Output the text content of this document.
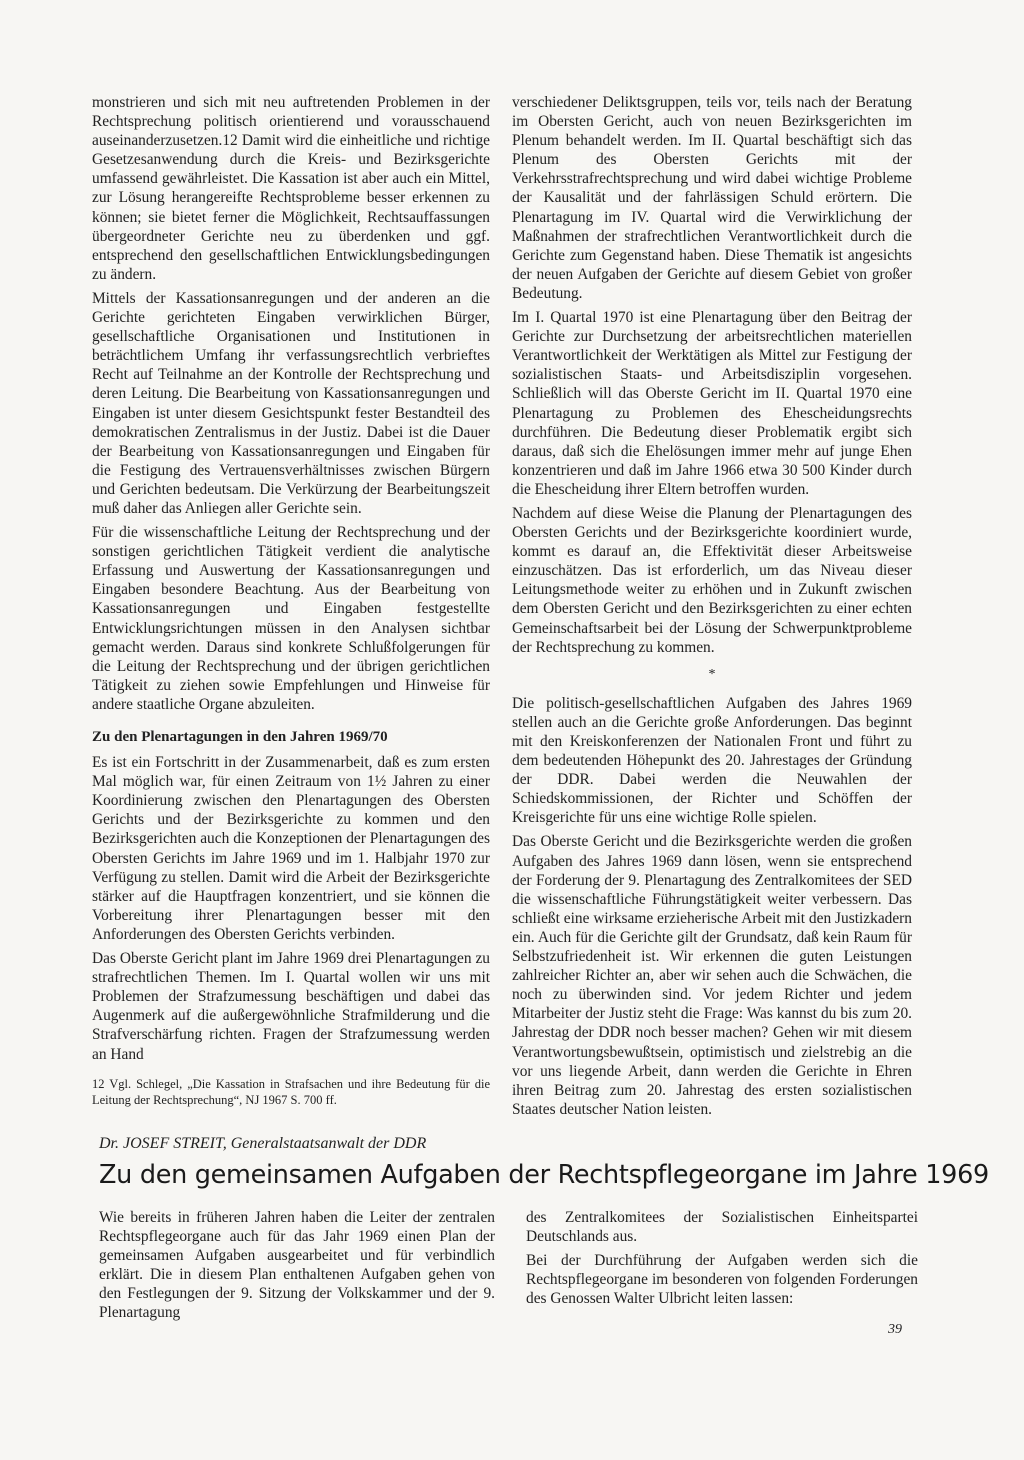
monstrieren und sich mit neu auftretenden Problemen in der Rechtsprechung politisch orientierend und vorausschauend auseinanderzusetzen.12 Damit wird die einheitliche und richtige Gesetzesanwendung durch die Kreis- und Bezirksgerichte umfassend gewährleistet. Die Kassation ist aber auch ein Mittel, zur Lösung herangereifte Rechtsprobleme besser erkennen zu können; sie bietet ferner die Möglichkeit, Rechtsauffassungen übergeordneter Gerichte neu zu überdenken und ggf. entsprechend den gesellschaftlichen Entwicklungsbedingungen zu ändern.

Mittels der Kassationsanregungen und der anderen an die Gerichte gerichteten Eingaben verwirklichen Bürger, gesellschaftliche Organisationen und Institutionen in beträchtlichem Umfang ihr verfassungsrechtlich verbrieftes Recht auf Teilnahme an der Kontrolle der Rechtsprechung und deren Leitung. Die Bearbeitung von Kassationsanregungen und Eingaben ist unter diesem Gesichtspunkt fester Bestandteil des demokratischen Zentralismus in der Justiz. Dabei ist die Dauer der Bearbeitung von Kassationsanregungen und Eingaben für die Festigung des Vertrauensverhältnisses zwischen Bürgern und Gerichten bedeutsam. Die Verkürzung der Bearbeitungszeit muß daher das Anliegen aller Gerichte sein.

Für die wissenschaftliche Leitung der Rechtsprechung und der sonstigen gerichtlichen Tätigkeit verdient die analytische Erfassung und Auswertung der Kassationsanregungen und Eingaben besondere Beachtung. Aus der Bearbeitung von Kassationsanregungen und Eingaben festgestellte Entwicklungsrichtungen müssen in den Analysen sichtbar gemacht werden. Daraus sind konkrete Schlußfolgerungen für die Leitung der Rechtsprechung und der übrigen gerichtlichen Tätigkeit zu ziehen sowie Empfehlungen und Hinweise für andere staatliche Organe abzuleiten.

Zu den Plenartagungen in den Jahren 1969/70

Es ist ein Fortschritt in der Zusammenarbeit, daß es zum ersten Mal möglich war, für einen Zeitraum von 1½ Jahren zu einer Koordinierung zwischen den Plenartagungen des Obersten Gerichts und der Bezirksgerichte zu kommen und den Bezirksgerichten auch die Konzeptionen der Plenartagungen des Obersten Gerichts im Jahre 1969 und im 1. Halbjahr 1970 zur Verfügung zu stellen. Damit wird die Arbeit der Bezirksgerichte stärker auf die Hauptfragen konzentriert, und sie können die Vorbereitung ihrer Plenartagungen besser mit den Anforderungen des Obersten Gerichts verbinden.

Das Oberste Gericht plant im Jahre 1969 drei Plenartagungen zu strafrechtlichen Themen. Im I. Quartal wollen wir uns mit Problemen der Strafzumessung beschäftigen und dabei das Augenmerk auf die außergewöhnliche Strafmilderung und die Strafverschärfung richten. Fragen der Strafzumessung werden an Hand

12 Vgl. Schlegel, „Die Kassation in Strafsachen und ihre Bedeutung für die Leitung der Rechtsprechung“, NJ 1967 S. 700 ff.

verschiedener Deliktsgruppen, teils vor, teils nach der Beratung im Obersten Gericht, auch von neuen Bezirksgerichten im Plenum behandelt werden. Im II. Quartal beschäftigt sich das Plenum des Obersten Gerichts mit der Verkehrsstrafrechtsprechung und wird dabei wichtige Probleme der Kausalität und der fahrlässigen Schuld erörtern. Die Plenartagung im IV. Quartal wird die Verwirklichung der Maßnahmen der strafrechtlichen Verantwortlichkeit durch die Gerichte zum Gegenstand haben. Diese Thematik ist angesichts der neuen Aufgaben der Gerichte auf diesem Gebiet von großer Bedeutung.

Im I. Quartal 1970 ist eine Plenartagung über den Beitrag der Gerichte zur Durchsetzung der arbeitsrechtlichen materiellen Verantwortlichkeit der Werktätigen als Mittel zur Festigung der sozialistischen Staats- und Arbeitsdisziplin vorgesehen. Schließlich will das Oberste Gericht im II. Quartal 1970 eine Plenartagung zu Problemen des Ehescheidungsrechts durchführen. Die Bedeutung dieser Problematik ergibt sich daraus, daß sich die Ehelösungen immer mehr auf junge Ehen konzentrieren und daß im Jahre 1966 etwa 30 500 Kinder durch die Ehescheidung ihrer Eltern betroffen wurden.

Nachdem auf diese Weise die Planung der Plenartagungen des Obersten Gerichts und der Bezirksgerichte koordiniert wurde, kommt es darauf an, die Effektivität dieser Arbeitsweise einzuschätzen. Das ist erforderlich, um das Niveau dieser Leitungsmethode weiter zu erhöhen und in Zukunft zwischen dem Obersten Gericht und den Bezirksgerichten zu einer echten Gemeinschaftsarbeit bei der Lösung der Schwerpunktprobleme der Rechtsprechung zu kommen.

*

Die politisch-gesellschaftlichen Aufgaben des Jahres 1969 stellen auch an die Gerichte große Anforderungen. Das beginnt mit den Kreiskonferenzen der Nationalen Front und führt zu dem bedeutenden Höhepunkt des 20. Jahrestages der Gründung der DDR. Dabei werden die Neuwahlen der Schiedskommissionen, der Richter und Schöffen der Kreisgerichte für uns eine wichtige Rolle spielen.

Das Oberste Gericht und die Bezirksgerichte werden die großen Aufgaben des Jahres 1969 dann lösen, wenn sie entsprechend der Forderung der 9. Plenartagung des Zentralkomitees der SED die wissenschaftliche Führungstätigkeit weiter verbessern. Das schließt eine wirksame erzieherische Arbeit mit den Justizkadern ein. Auch für die Gerichte gilt der Grundsatz, daß kein Raum für Selbstzufriedenheit ist. Wir erkennen die guten Leistungen zahlreicher Richter an, aber wir sehen auch die Schwächen, die noch zu überwinden sind. Vor jedem Richter und jedem Mitarbeiter der Justiz steht die Frage: Was kannst du bis zum 20. Jahrestag der DDR noch besser machen? Gehen wir mit diesem Verantwortungsbewußtsein, optimistisch und zielstrebig an die vor uns liegende Arbeit, dann werden die Gerichte in Ehren ihren Beitrag zum 20. Jahrestag des ersten sozialistischen Staates deutscher Nation leisten.

Dr. JOSEF STREIT, Generalstaatsanwalt der DDR
Zu den gemeinsamen Aufgaben der Rechtspflegeorgane im Jahre 1969

Wie bereits in früheren Jahren haben die Leiter der zentralen Rechtspflegeorgane auch für das Jahr 1969 einen Plan der gemeinsamen Aufgaben ausgearbeitet und für verbindlich erklärt. Die in diesem Plan enthaltenen Aufgaben gehen von den Festlegungen der 9. Sitzung der Volkskammer und der 9. Plenartagung

des Zentralkomitees der Sozialistischen Einheitspartei Deutschlands aus.

Bei der Durchführung der Aufgaben werden sich die Rechtspflegeorgane im besonderen von folgenden Forderungen des Genossen Walter Ulbricht leiten lassen:

39
